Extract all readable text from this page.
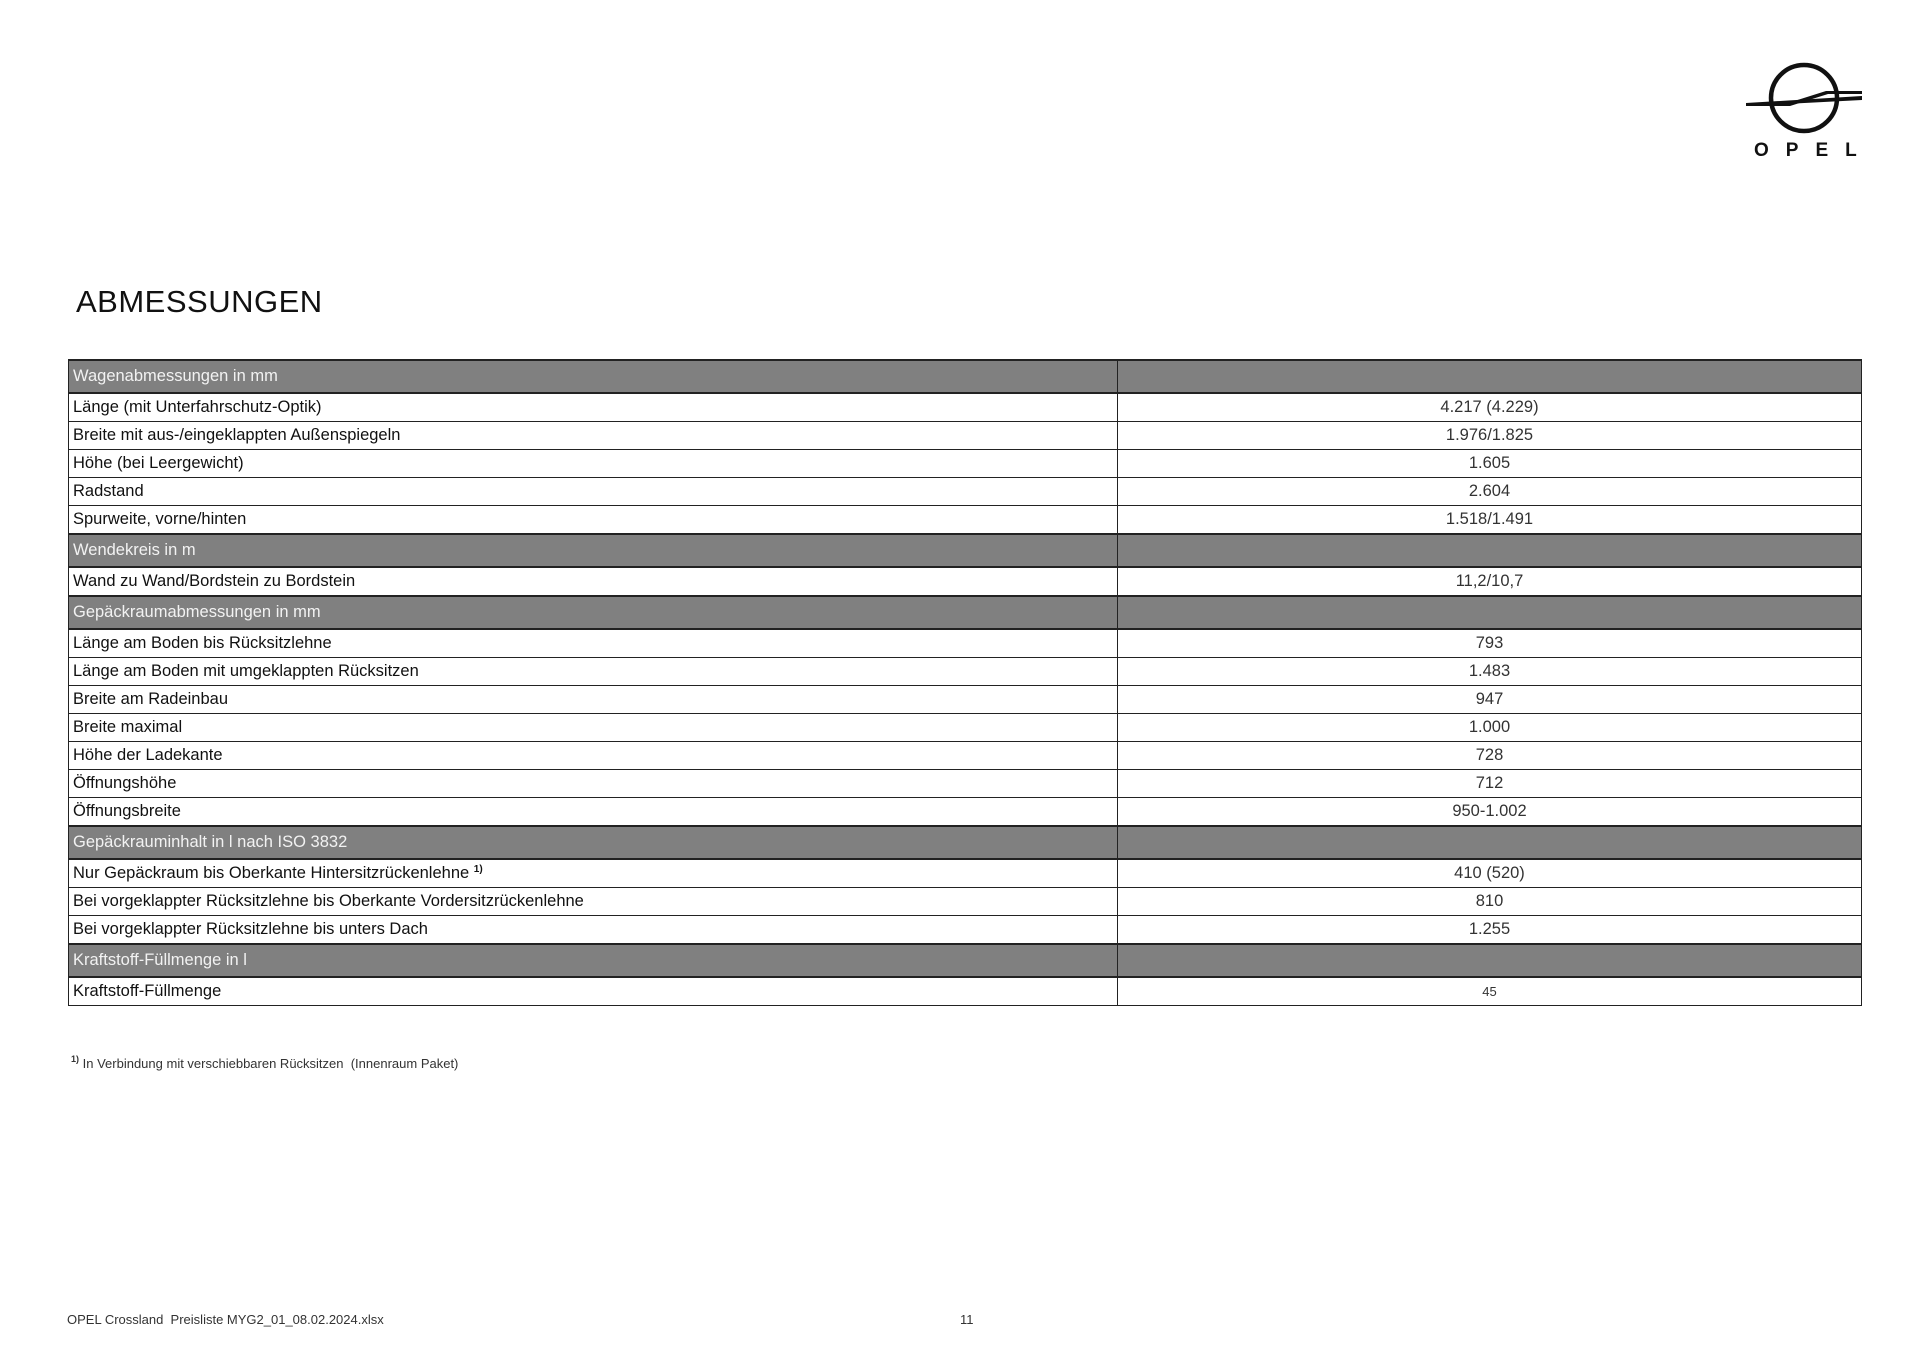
OPEL
ABMESSUNGEN
Wagenabmessungen in mm	
Länge (mit Unterfahrschutz-Optik)	4.217 (4.229)
Breite mit aus-/eingeklappten Außenspiegeln	1.976/1.825
Höhe (bei Leergewicht)	1.605
Radstand	2.604
Spurweite, vorne/hinten	1.518/1.491
Wendekreis in m	
Wand zu Wand/Bordstein zu Bordstein	11,2/10,7
Gepäckraumabmessungen in mm	
Länge am Boden bis Rücksitzlehne	793
Länge am Boden mit umgeklappten Rücksitzen	1.483
Breite am Radeinbau	947
Breite maximal	1.000
Höhe der Ladekante	728
Öffnungshöhe	712
Öffnungsbreite	950-1.002
Gepäckrauminhalt in l nach ISO 3832	
Nur Gepäckraum bis Oberkante Hintersitzrückenlehne $^{1)}$	410 (520)
Bei vorgeklappter Rücksitzlehne bis Oberkante Vordersitzrückenlehne	810
Bei vorgeklappter Rücksitzlehne bis unters Dach	1.255
Kraftstoff-Füllmenge in l	
Kraftstoff-Füllmenge	45
$^{1)}$ In Verbindung mit verschiebbaren Rücksitzen  (Innenraum Paket)
OPEL Crossland  Preisliste MYG2_01_08.02.2024.xlsx	11
